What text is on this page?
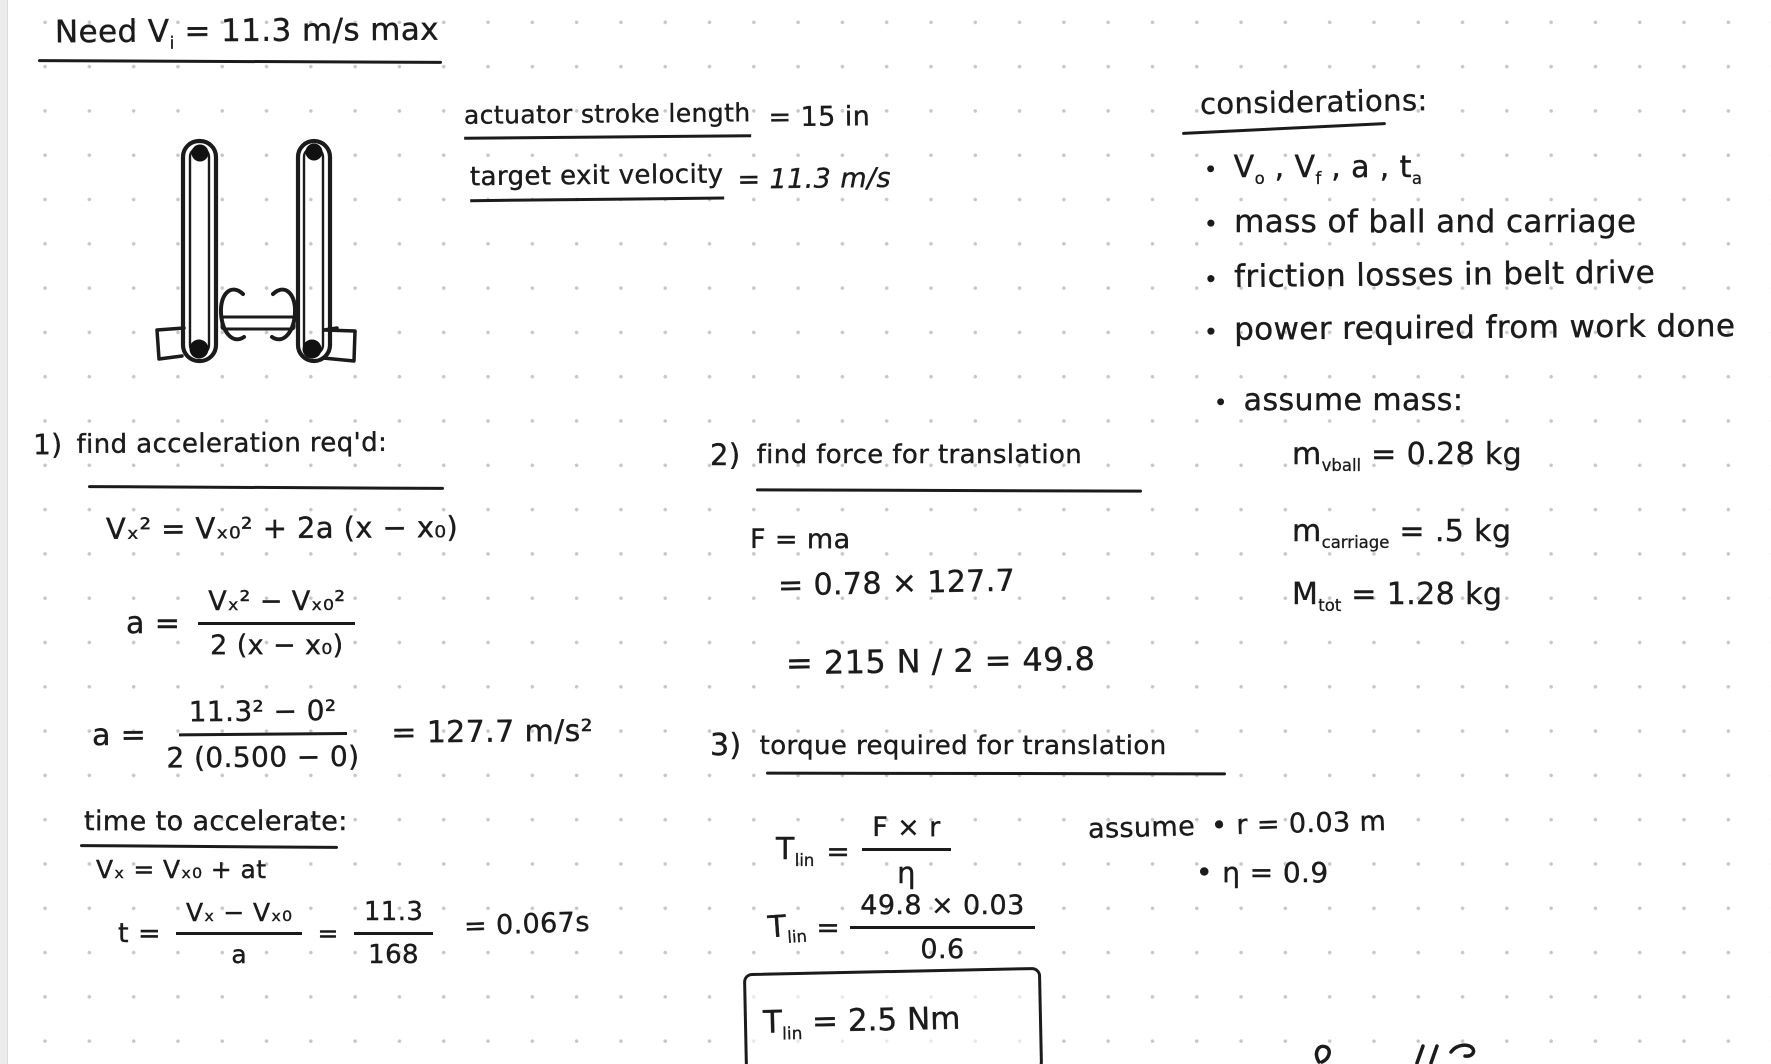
Need $V_i = 11.3$ m/s max
actuator stroke length = 15 in
target exit velocity = 11.3 m/s
considerations:
• $V_o$ , $V_f$ , a , $t_a$
• mass of ball and carriage
• friction losses in belt drive
• power required from work done
• assume mass:
$m_{vball} = 0.28$ kg
$m_{carriage} = .5$ kg
$M_{tot} = 1.28$ kg
1) find acceleration req'd:
Vₓ² = Vₓ₀² + 2a (x − x₀)
$a = \frac{\text{Vₓ² − Vₓ₀²}}{\text{2 (x − x₀)}}$
$a = \frac{\text{11.3² − 0²}}{2 (0.500 - 0)} = 127.7$ m/s²
time to accelerate:
Vₓ = Vₓ₀ + at
$t = \frac{\text{Vₓ − Vₓ₀}}{a} = \frac{11.3}{168} = 0.067s$
2) find force for translation
F = ma
= 0.78 × 127.7
= 215 N / 2 = 49.8
3) torque required for translation
$T_{lin} = \frac{F \times r}{\eta}$	assume • r = 0.03 m
• η = 0.9
$T_{lin} = \frac{49.8 \times 0.03}{0.6}$
$T_{lin} = 2.5$ Nm
